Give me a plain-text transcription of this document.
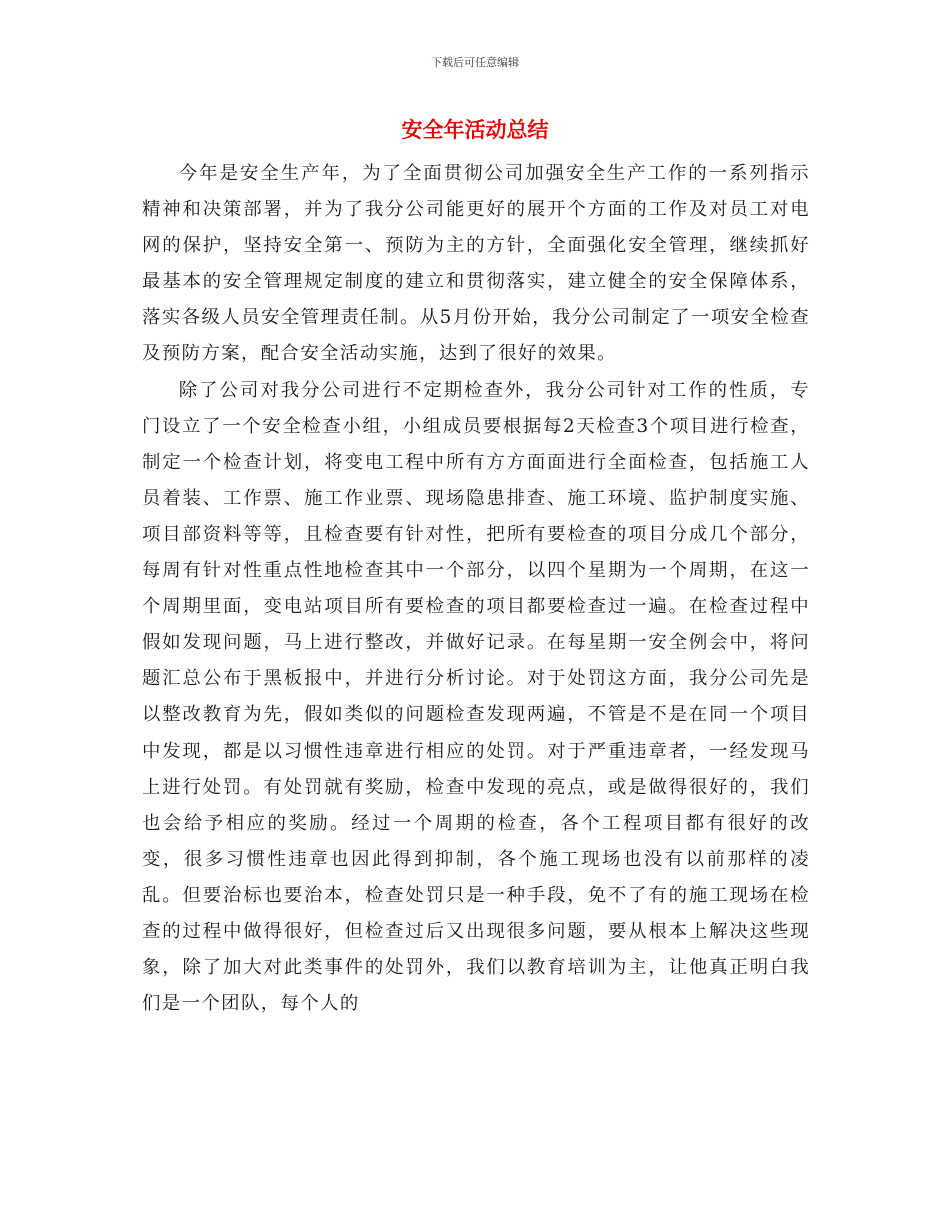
下载后可任意编辑
安全年活动总结

今年是安全生产年，为了全面贯彻公司加强安全生产工作的一系列指示精神和决策部署，并为了我分公司能更好的展开个方面的工作及对员工对电网的保护，坚持安全第一、预防为主的方针，全面强化安全管理，继续抓好最基本的安全管理规定制度的建立和贯彻落实，建立健全的安全保障体系，落实各级人员安全管理责任制。从5月份开始，我分公司制定了一项安全检查及预防方案，配合安全活动实施，达到了很好的效果。

除了公司对我分公司进行不定期检查外，我分公司针对工作的性质，专门设立了一个安全检查小组，小组成员要根据每2天检查3个项目进行检查，制定一个检查计划，将变电工程中所有方方面面进行全面检查，包括施工人员着装、工作票、施工作业票、现场隐患排查、施工环境、监护制度实施、项目部资料等等，且检查要有针对性，把所有要检查的项目分成几个部分，每周有针对性重点性地检查其中一个部分，以四个星期为一个周期，在这一个周期里面，变电站项目所有要检查的项目都要检查过一遍。在检查过程中假如发现问题，马上进行整改，并做好记录。在每星期一安全例会中，将问题汇总公布于黑板报中，并进行分析讨论。对于处罚这方面，我分公司先是以整改教育为先，假如类似的问题检查发现两遍，不管是不是在同一个项目中发现，都是以习惯性违章进行相应的处罚。对于严重违章者，一经发现马上进行处罚。有处罚就有奖励，检查中发现的亮点，或是做得很好的，我们也会给予相应的奖励。经过一个周期的检查，各个工程项目都有很好的改变，很多习惯性违章也因此得到抑制，各个施工现场也没有以前那样的凌乱。但要治标也要治本，检查处罚只是一种手段，免不了有的施工现场在检查的过程中做得很好，但检查过后又出现很多问题，要从根本上解决这些现象，除了加大对此类事件的处罚外，我们以教育培训为主，让他真正明白我们是一个团队，每个人的
